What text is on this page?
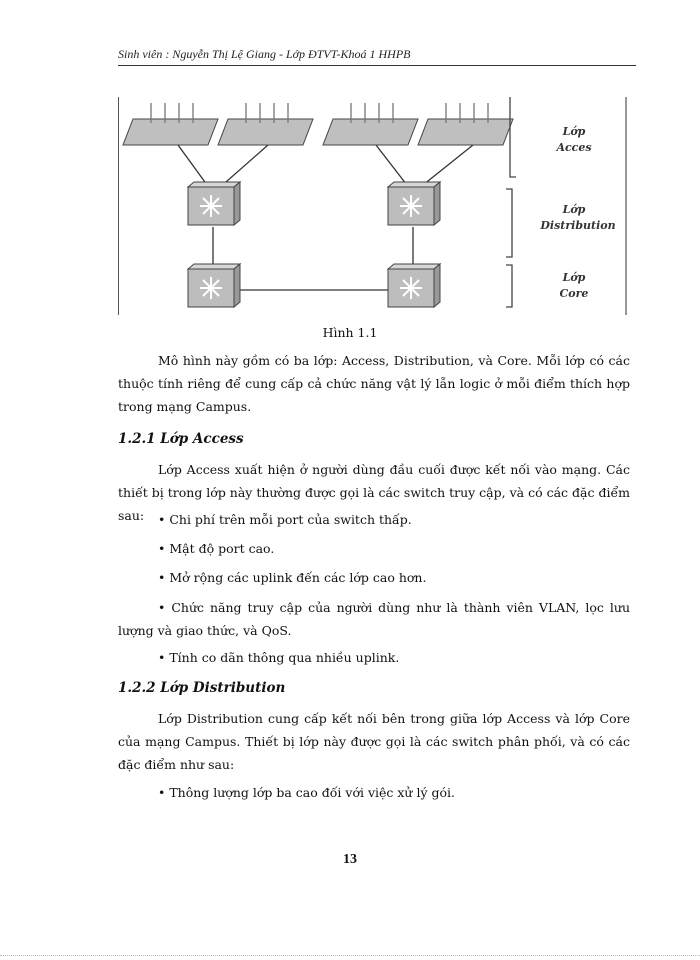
Sinh viên : Nguyễn Thị Lệ Giang - Lớp ĐTVT-Khoá 1 HHPB
Lớp
Acces
Lớp
Distribution
Lớp
Core
Hình 1.1
Mô hình này gồm có ba lớp: Access, Distribution, và Core. Mỗi lớp có các thuộc tính riêng để cung cấp cả chức năng vật lý lẫn logic ở mỗi điểm thích hợp trong mạng Campus.
1.2.1 Lớp Access
Lớp Access xuất hiện ở người dùng đầu cuối được kết nối vào mạng. Các thiết bị trong lớp này thường được gọi là các switch truy cập, và có các đặc điểm sau:	• Chi phí trên mỗi port của switch thấp.
• Mật độ port cao.
• Mở rộng các uplink đến các lớp cao hơn.
• Chức năng truy cập của người dùng như là thành viên VLAN, lọc lưu lượng và giao thức, và QoS.
• Tính co dãn thông qua nhiều uplink.
1.2.2 Lớp Distribution
Lớp Distribution cung cấp kết nối bên trong giữa lớp Access và lớp Core của mạng Campus. Thiết bị lớp này được gọi là các switch phân phối, và có các đặc điểm như sau:
• Thông lượng lớp ba cao đối với việc xử lý gói.
13
